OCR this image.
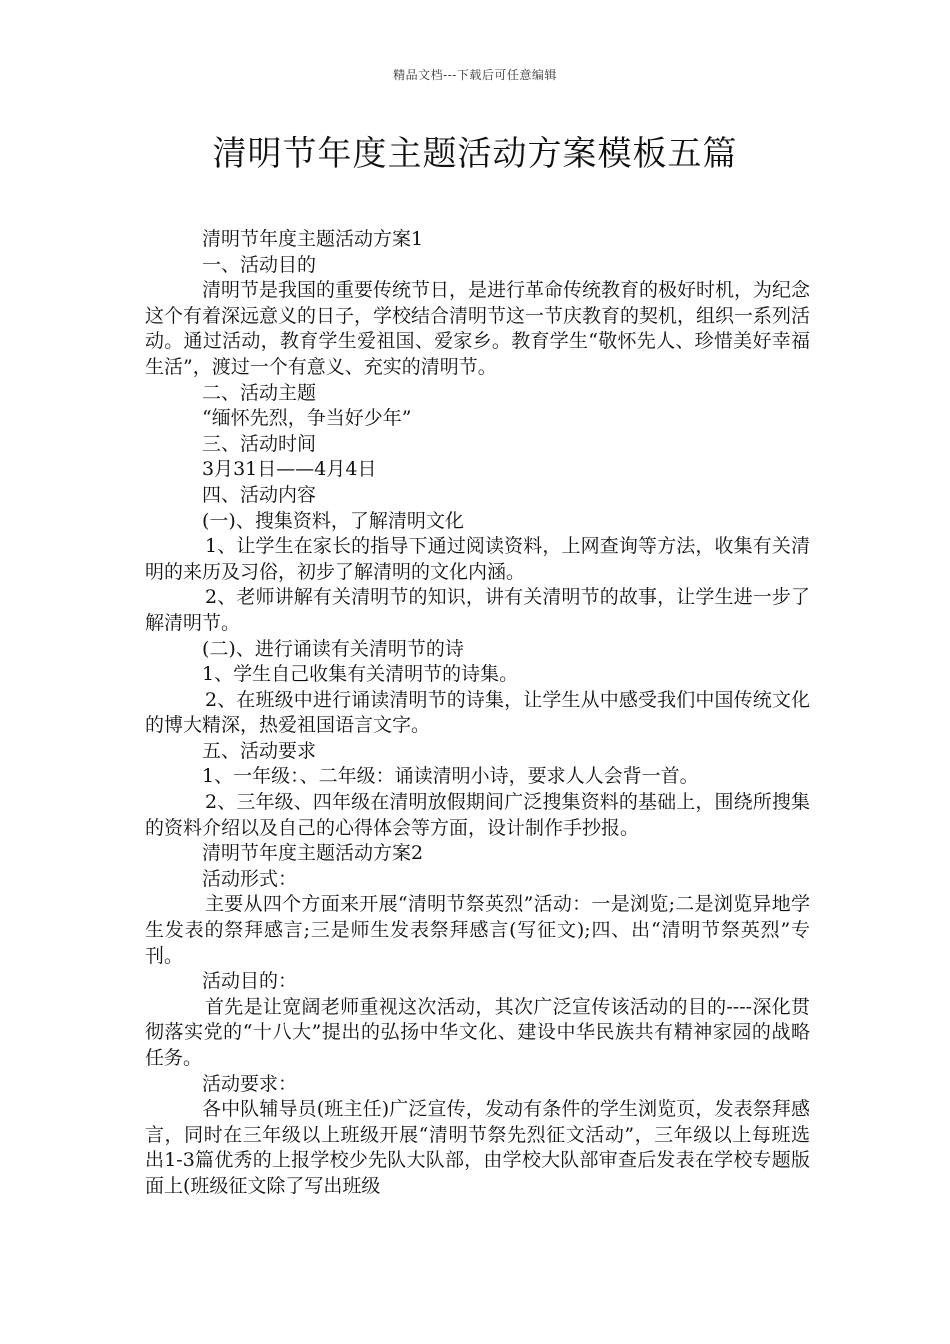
精品文档---下载后可任意编辑
清明节年度主题活动方案模板五篇

清明节年度主题活动方案1

一、活动目的

清明节是我国的重要传统节日，是进行革命传统教育的极好时机，为纪念这个有着深远意义的日子，学校结合清明节这一节庆教育的契机，组织一系列活动。通过活动，教育学生爱祖国、爱家乡。教育学生“敬怀先人、珍惜美好幸福生活”，渡过一个有意义、充实的清明节。

二、活动主题

“缅怀先烈，争当好少年”

三、活动时间

3月31日——4月4日

四、活动内容

(一)、搜集资料，了解清明文化

1、让学生在家长的指导下通过阅读资料，上网查询等方法，收集有关清明的来历及习俗，初步了解清明的文化内涵。

2、老师讲解有关清明节的知识，讲有关清明节的故事，让学生进一步了解清明节。

(二)、进行诵读有关清明节的诗

1、学生自己收集有关清明节的诗集。

2、在班级中进行诵读清明节的诗集，让学生从中感受我们中国传统文化的博大精深，热爱祖国语言文字。

五、活动要求

1、一年级：、二年级：诵读清明小诗，要求人人会背一首。

2、三年级、四年级在清明放假期间广泛搜集资料的基础上，围绕所搜集的资料介绍以及自己的心得体会等方面，设计制作手抄报。

清明节年度主题活动方案2

活动形式：

主要从四个方面来开展“清明节祭英烈”活动：一是浏览;二是浏览异地学生发表的祭拜感言;三是师生发表祭拜感言(写征文);四、出“清明节祭英烈”专刊。

活动目的：

首先是让宽阔老师重视这次活动，其次广泛宣传该活动的目的----深化贯彻落实党的“十八大”提出的弘扬中华文化、建设中华民族共有精神家园的战略任务。

活动要求：

各中队辅导员(班主任)广泛宣传，发动有条件的学生浏览页，发表祭拜感言，同时在三年级以上班级开展“清明节祭先烈征文活动”，三年级以上每班选出1-3篇优秀的上报学校少先队大队部，由学校大队部审查后发表在学校专题版面上(班级征文除了写出班级
